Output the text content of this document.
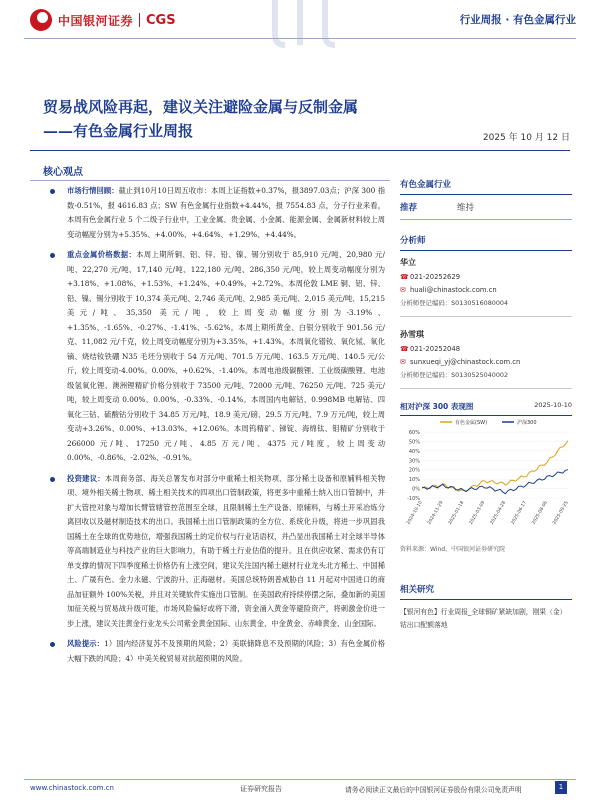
中国银河证券 CGS	行业周报 · 有色金属行业
贸易战风险再起，建议关注避险金属与反制金属
——有色金属行业周报	2025 年 10 月 12 日
核心观点
市场行情回顾：截止到10月10日周五收市：本周上证指数+0.37%，报3897.03点；沪深 300 指数-0.51%，报 4616.83 点；SW 有色金属行业指数+4.44%，报 7554.83 点，分子行业来看，本周有色金属行业 5 个二级子行业中，工业金属、贵金属、小金属、能源金属、金属新材料较上周变动幅度分别为+5.35%、+4.00%、+4.64%、+1.29%、+4.44%。
重点金属价格数据：本周上期所铜、铝、锌、铅、镍、锡分别收于 85,910 元/吨、20,980 元/吨、22,270 元/吨、17,140 元/吨、122,180 元/吨、286,350 元/吨，较上周变动幅度分别为+3.18%、+1.08%、+1.53%、+1.24%、+0.49%、+2.72%。本周伦敦 LME 铜、铝、锌、铅、镍、锡分别收于 10,374 美元/吨、2,746 美元/吨、2,985 美元/吨、2,015 美元/吨、15,215 美元/吨、35,350 美元/吨，较上周变动幅度分别为-3.19%、+1.35%、-1.65%、-0.27%、-1.41%、-5.62%。本周上期所黄金、白银分别收于 901.56 元/克、11,082 元/千克，较上周变动幅度分别为+3.35%、+1.43%。本周氧化镨钕、氧化铽、氧化镝、烧结钕铁硼 N35 毛坯分别收于 54 万元/吨、701.5 万元/吨、163.5 万元/吨、140.5 元/公斤，较上周变动-4.00%、0.00%、+0.62%、-1.40%。本周电池级碳酸锂、工业级碳酸锂、电池级氢氧化锂、澳洲锂精矿价格分别收于 73500 元/吨、72000 元/吨、76250 元/吨、725 美元/吨，较上周变动 0.00%、0.00%、-0.33%、-0.14%。本周国内电解钴、0.998MB 电解钴、四氧化三钴、硫酸钴分别收于 34.85 万元/吨、18.9 美元/磅、29.5 万元/吨、7.9 万元/吨，较上周变动+3.26%、0.00%、+13.03%、+12.06%。本周钨精矿、锑锭、海绵钛、钼精矿分别收于 266000 元/吨、17250 元/吨、4.85 万元/吨、4375 元/吨度，较上周变动 0.00%、-0.86%、-2.02%、-0.91%。
投资建议：本周商务部、海关总署发布对部分中重稀土相关物项、部分稀土设备和原辅料相关物项、境外相关稀土物项、稀土相关技术的四项出口管制政策，将更多中重稀土纳入出口管制中，并扩大管控对象与增加长臂管辖管控范围至全球，且限制稀土生产设备、原辅料，与稀土开采冶炼分离回收以及磁材制造技术的出口。我国稀土出口管制政策的全方位、系统化升级，将进一步巩固我国稀土在全球的优势地位，增强我国稀土的定价权与行业话语权，并凸显出我国稀土对全球半导体等高端制造业与科技产业的巨大影响力，有助于稀土行业估值的提升。且在供应收紧、需求仍有订单支撑的情况下四季度稀土价格仍有上涨空间，建议关注国内稀土磁材行业龙头北方稀土、中国稀土、广晟有色、金力永磁、宁波韵升、正海磁材。美国总统特朗普威胁自 11 月起对中国进口的商品加征额外 100%关税，并且对关键软件实施出口管制。在美国政府持续停摆之际，叠加新的美国加征关税与贸易战升级可能，市场风险偏好或将下滑，资金涌入黄金等避险资产，将刺激金价进一步上涨，建议关注黄金行业龙头公司紫金黄金国际、山东黄金、中金黄金、赤峰黄金、山金国际。
风险提示：1）国内经济复苏不及预期的风险；2）美联储降息不及预期的风险；3）有色金属价格大幅下跌的风险；4）中美关税贸易对抗超预期的风险。
有色金属行业
推荐	维持
分析师
华立
☎ 021-20252629
✉ huali@chinastock.com.cn
分析师登记编码：S0130516080004
孙雪琪
☎ 021-20252048
✉ sunxueqi_yj@chinastock.com.cn
分析师登记编码：S0130525040002
相对沪深 300 表现图	2025-10-10
60%
50%
40%
30%
20%
10%
0%
-10%
2024-10-10 2024-11-29 2025-01-18 2025-03-09 2025-04-28 2025-06-17 2025-08-06 2025-09-25
有色金属(SW)	沪深300
资料来源：Wind，中国银河证券研究院
相关研究
【银河有色】行业周报_全球铜矿紧缺加剧，刚果（金）钴出口配额落地
www.chinastock.com.cn	证券研究报告	请务必阅读正文最后的中国银河证券股份有限公司免责声明	1
